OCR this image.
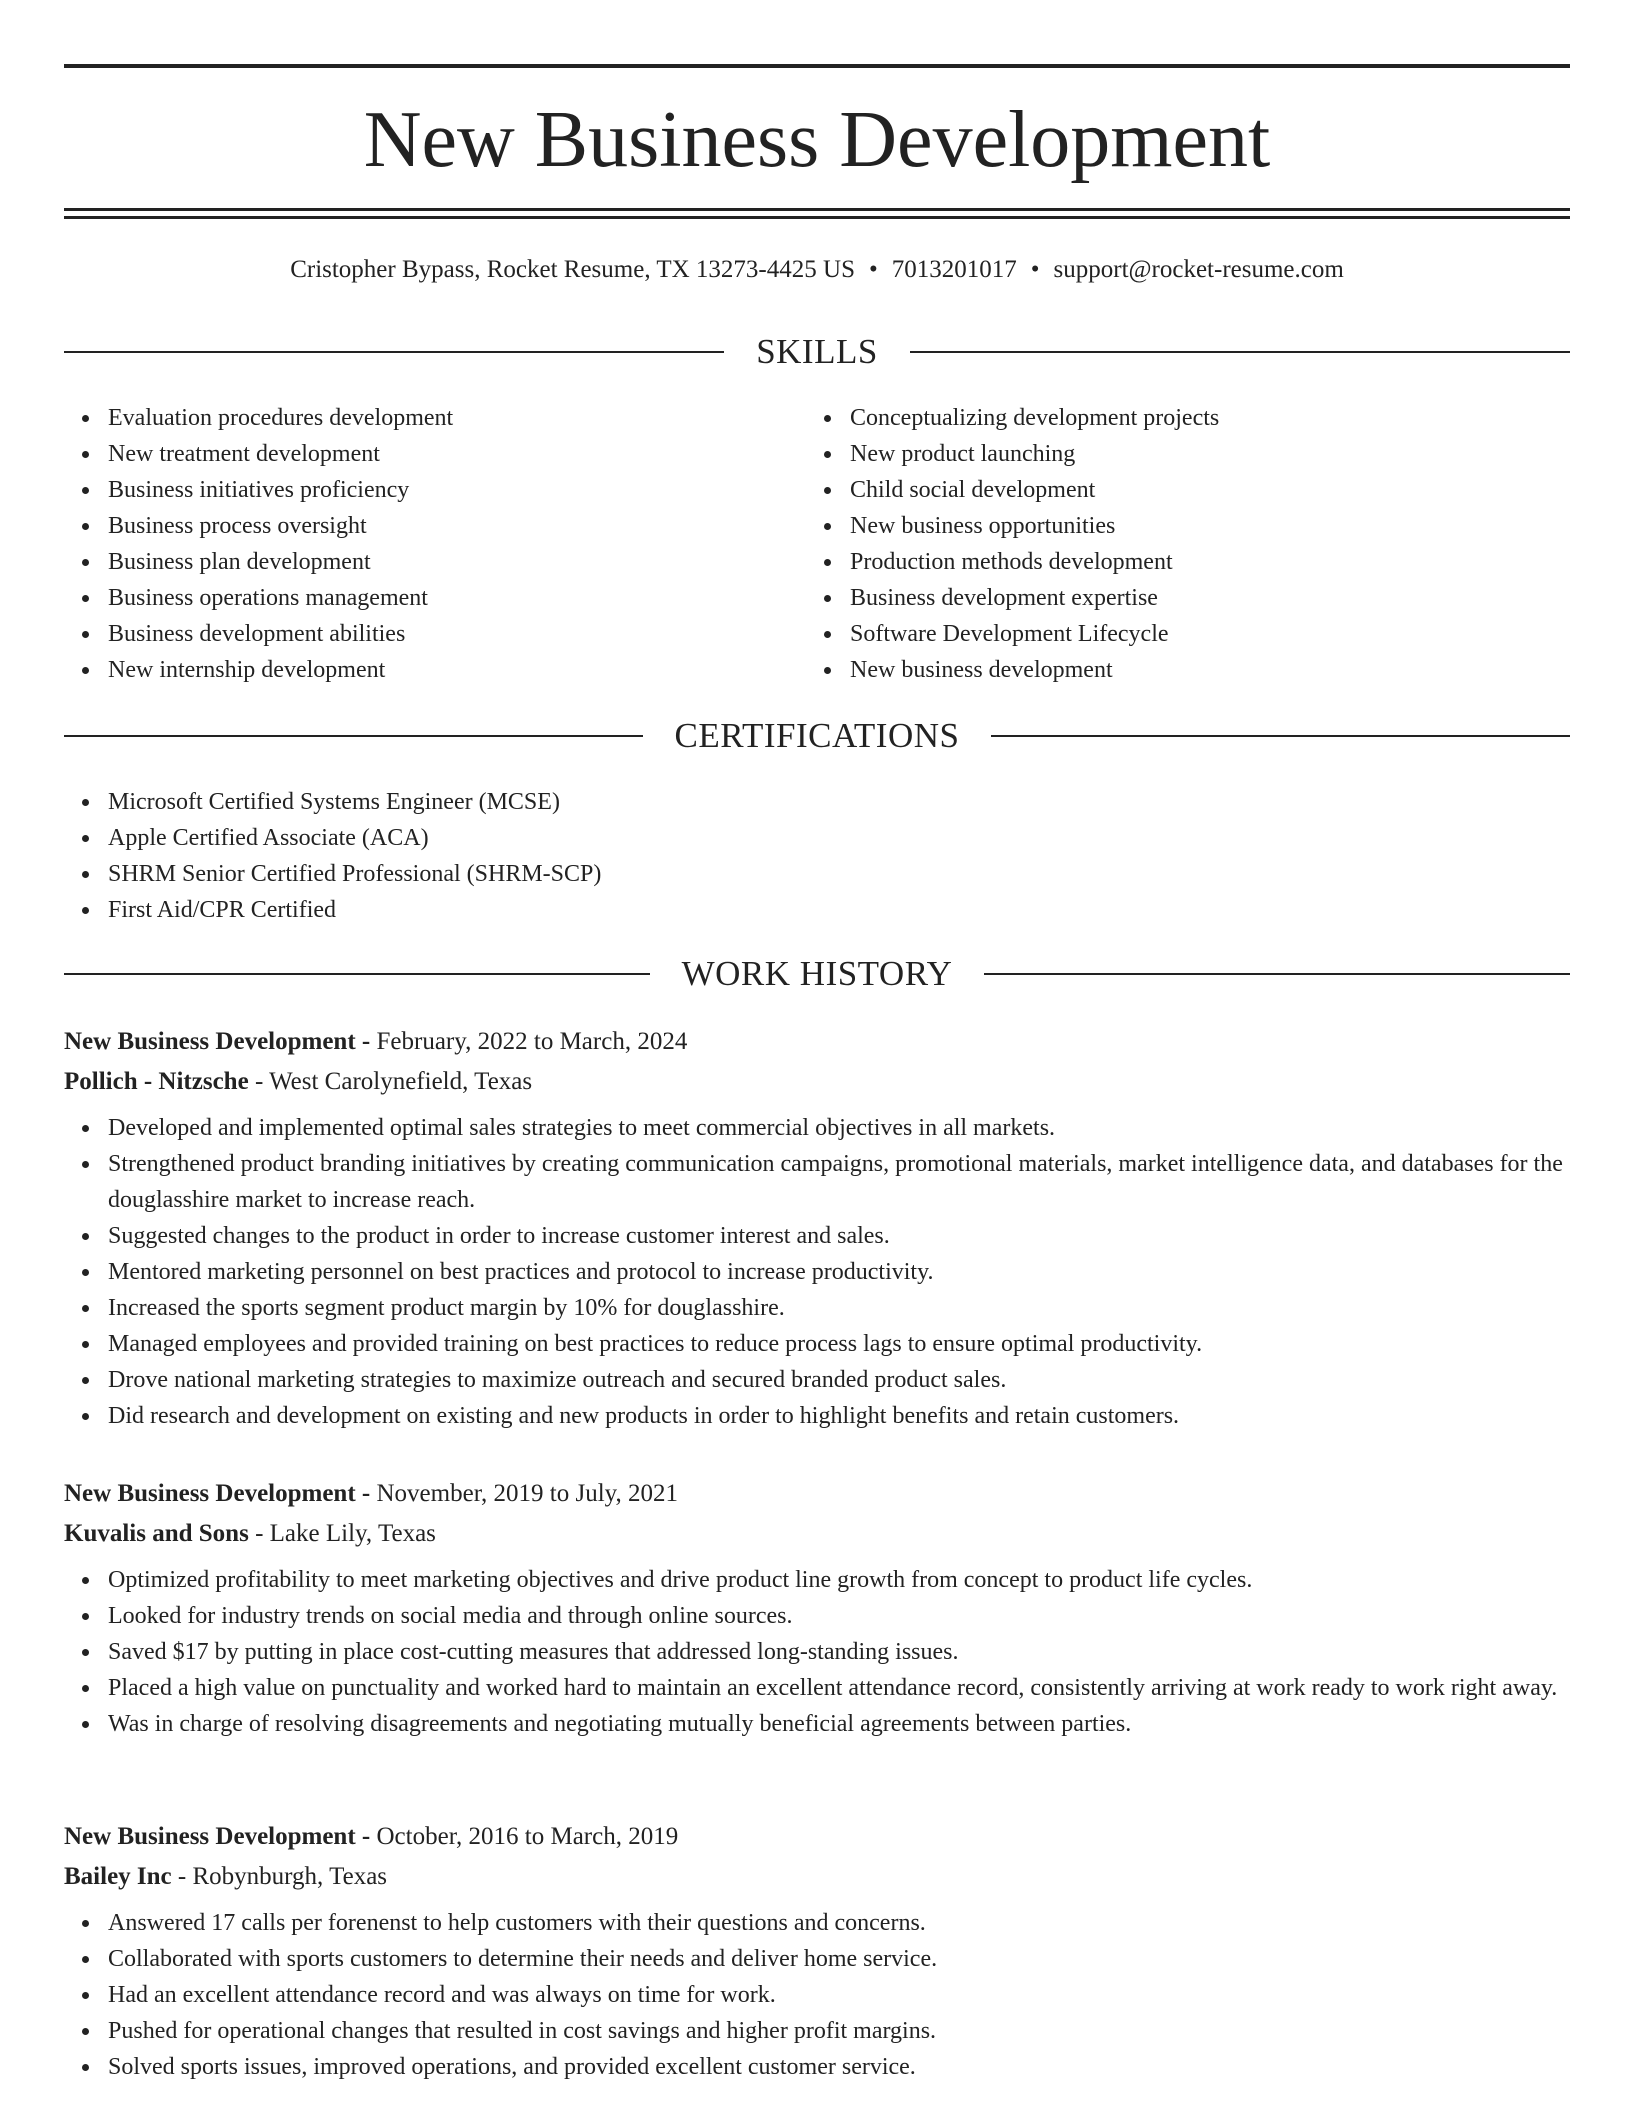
New Business Development
Cristopher Bypass, Rocket Resume, TX 13273-4425 US • 7013201017 • support@rocket-resume.com
SKILLS
Evaluation procedures development
New treatment development
Business initiatives proficiency
Business process oversight
Business plan development
Business operations management
Business development abilities
New internship development
Conceptualizing development projects
New product launching
Child social development
New business opportunities
Production methods development
Business development expertise
Software Development Lifecycle
New business development
CERTIFICATIONS
Microsoft Certified Systems Engineer (MCSE)
Apple Certified Associate (ACA)
SHRM Senior Certified Professional (SHRM-SCP)
First Aid/CPR Certified
WORK HISTORY
New Business Development - February, 2022 to March, 2024
Pollich - Nitzsche - West Carolynefield, Texas
Developed and implemented optimal sales strategies to meet commercial objectives in all markets.
Strengthened product branding initiatives by creating communication campaigns, promotional materials, market intelligence data, and databases for the douglasshire market to increase reach.
Suggested changes to the product in order to increase customer interest and sales.
Mentored marketing personnel on best practices and protocol to increase productivity.
Increased the sports segment product margin by 10% for douglasshire.
Managed employees and provided training on best practices to reduce process lags to ensure optimal productivity.
Drove national marketing strategies to maximize outreach and secured branded product sales.
Did research and development on existing and new products in order to highlight benefits and retain customers.
New Business Development - November, 2019 to July, 2021
Kuvalis and Sons - Lake Lily, Texas
Optimized profitability to meet marketing objectives and drive product line growth from concept to product life cycles.
Looked for industry trends on social media and through online sources.
Saved $17 by putting in place cost-cutting measures that addressed long-standing issues.
Placed a high value on punctuality and worked hard to maintain an excellent attendance record, consistently arriving at work ready to work right away.
Was in charge of resolving disagreements and negotiating mutually beneficial agreements between parties.
New Business Development - October, 2016 to March, 2019
Bailey Inc - Robynburgh, Texas
Answered 17 calls per forenenst to help customers with their questions and concerns.
Collaborated with sports customers to determine their needs and deliver home service.
Had an excellent attendance record and was always on time for work.
Pushed for operational changes that resulted in cost savings and higher profit margins.
Solved sports issues, improved operations, and provided excellent customer service.
